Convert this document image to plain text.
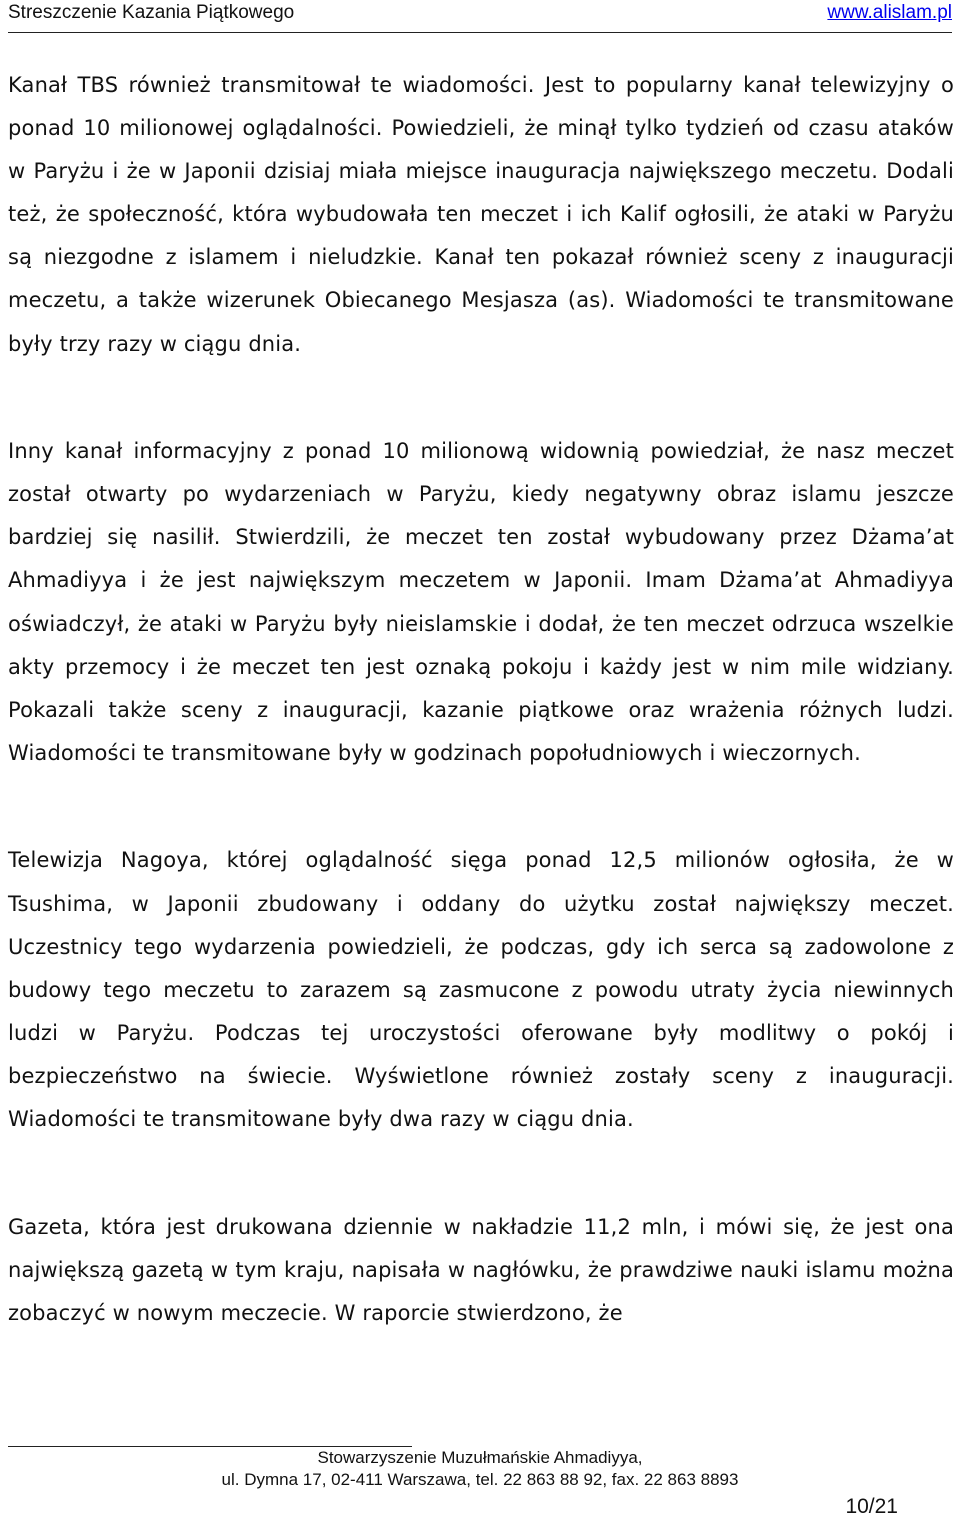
Streszczenie Kazania Piątkowego	www.alislam.pl

Kanał TBS również transmitował te wiadomości. Jest to popularny kanał telewizyjny o ponad 10 milionowej oglądalności. Powiedzieli, że minął tylko tydzień od czasu ataków w Paryżu i że w Japonii dzisiaj miała miejsce inauguracja największego meczetu. Dodali też, że społeczność, która wybudowała ten meczet i ich Kalif ogłosili, że ataki w Paryżu są niezgodne z islamem i nieludzkie. Kanał ten pokazał również sceny z inauguracji meczetu, a także wizerunek Obiecanego Mesjasza (as). Wiadomości te transmitowane były trzy razy w ciągu dnia.

Inny kanał informacyjny z ponad 10 milionową widownią powiedział, że nasz meczet został otwarty po wydarzeniach w Paryżu, kiedy negatywny obraz islamu jeszcze bardziej się nasilił. Stwierdzili, że meczet ten został wybudowany przez Dżama’at Ahmadiyya i że jest największym meczetem w Japonii. Imam Dżama’at Ahmadiyya oświadczył, że ataki w Paryżu były nieislamskie i dodał, że ten meczet odrzuca wszelkie akty przemocy i że meczet ten jest oznaką pokoju i każdy jest w nim mile widziany. Pokazali także sceny z inauguracji, kazanie piątkowe oraz wrażenia różnych ludzi. Wiadomości te transmitowane były w godzinach popołudniowych i wieczornych.

Telewizja Nagoya, której oglądalność sięga ponad 12,5 milionów ogłosiła, że w Tsushima, w Japonii zbudowany i oddany do użytku został największy meczet. Uczestnicy tego wydarzenia powiedzieli, że podczas, gdy ich serca są zadowolone z budowy tego meczetu to zarazem są zasmucone z powodu utraty życia niewinnych ludzi w Paryżu. Podczas tej uroczystości oferowane były modlitwy o pokój i bezpieczeństwo na świecie. Wyświetlone również zostały sceny z inauguracji. Wiadomości te transmitowane były dwa razy w ciągu dnia.

Gazeta, która jest drukowana dziennie w nakładzie 11,2 mln, i mówi się, że jest ona największą gazetą w tym kraju, napisała w nagłówku, że prawdziwe nauki islamu można zobaczyć w nowym meczecie. W raporcie stwierdzono, że

Stowarzyszenie Muzułmańskie Ahmadiyya,
ul. Dymna 17, 02-411 Warszawa, tel. 22 863 88 92, fax. 22 863 8893
10/21
